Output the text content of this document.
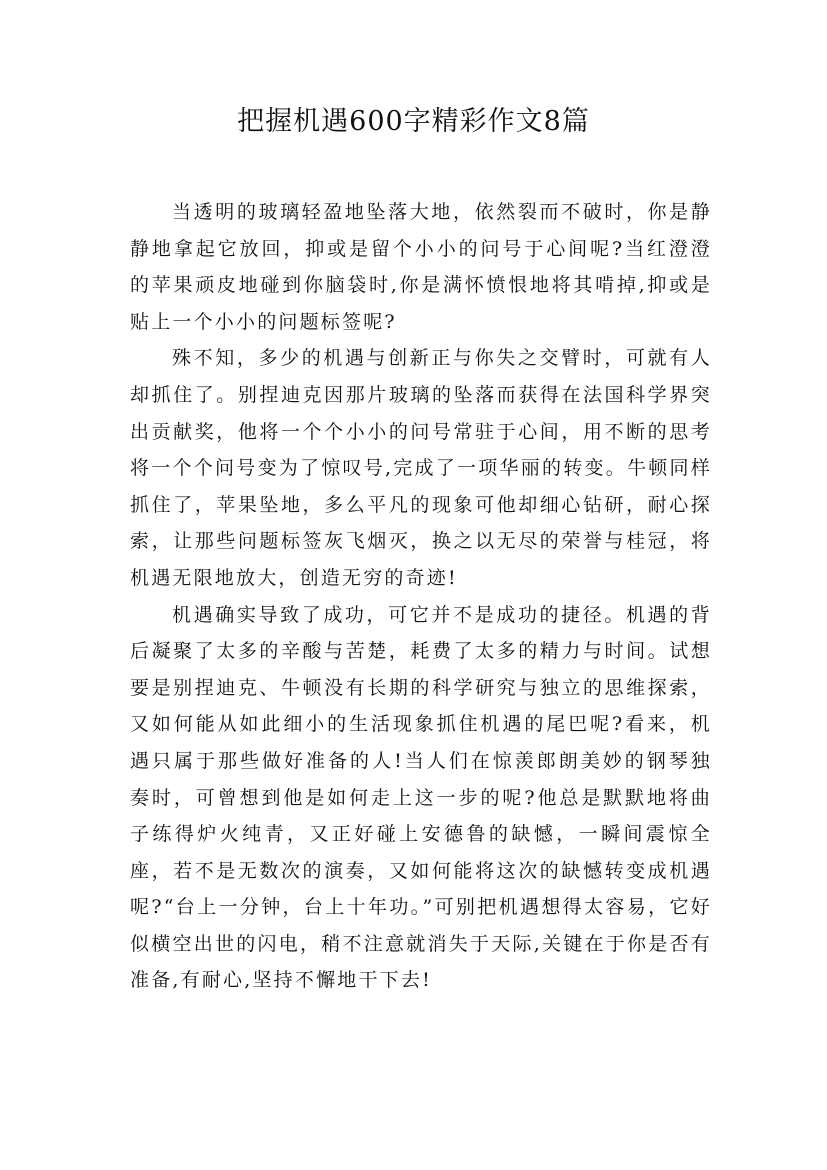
把握机遇600字精彩作文8篇

当透明的玻璃轻盈地坠落大地，依然裂而不破时，你是静静地拿起它放回，抑或是留个小小的问号于心间呢?当红澄澄的苹果顽皮地碰到你脑袋时,你是满怀愤恨地将其啃掉,抑或是贴上一个小小的问题标签呢?

殊不知，多少的机遇与创新正与你失之交臂时，可就有人却抓住了。别捏迪克因那片玻璃的坠落而获得在法国科学界突出贡献奖，他将一个个小小的问号常驻于心间，用不断的思考将一个个问号变为了惊叹号,完成了一项华丽的转变。牛顿同样抓住了，苹果坠地，多么平凡的现象可他却细心钻研，耐心探索，让那些问题标签灰飞烟灭，换之以无尽的荣誉与桂冠，将机遇无限地放大，创造无穷的奇迹!

机遇确实导致了成功，可它并不是成功的捷径。机遇的背后凝聚了太多的辛酸与苦楚，耗费了太多的精力与时间。试想要是别捏迪克、牛顿没有长期的科学研究与独立的思维探索，又如何能从如此细小的生活现象抓住机遇的尾巴呢?看来，机遇只属于那些做好准备的人!当人们在惊羡郎朗美妙的钢琴独奏时，可曾想到他是如何走上这一步的呢?他总是默默地将曲子练得炉火纯青，又正好碰上安德鲁的缺憾，一瞬间震惊全座，若不是无数次的演奏，又如何能将这次的缺憾转变成机遇呢?“台上一分钟，台上十年功。”可别把机遇想得太容易，它好似横空出世的闪电，稍不注意就消失于天际,关键在于你是否有准备,有耐心,坚持不懈地干下去!
